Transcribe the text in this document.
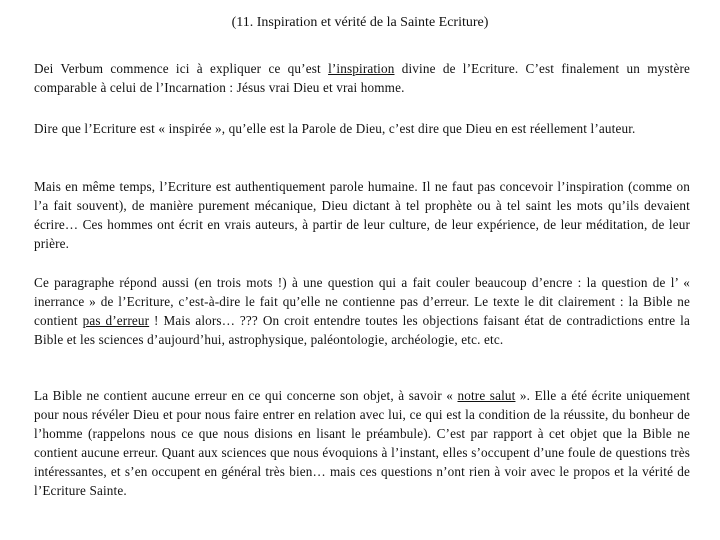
(11. Inspiration et vérité de la Sainte Ecriture)

Dei Verbum commence ici à expliquer ce qu’est l’inspiration divine de l’Ecriture. C’est finalement un mystère comparable à celui de l’Incarnation : Jésus vrai Dieu et vrai homme.

Dire que l’Ecriture est « inspirée », qu’elle est la Parole de Dieu, c’est dire que Dieu en est réellement l’auteur.

Mais en même temps, l’Ecriture est authentiquement parole humaine. Il ne faut pas concevoir l’inspiration (comme on l’a fait souvent), de manière purement mécanique, Dieu dictant à tel prophète ou à tel saint les mots qu’ils devaient écrire… Ces hommes ont écrit en vrais auteurs, à partir de leur culture, de leur expérience, de leur méditation, de leur prière.

Ce paragraphe répond aussi (en trois mots !) à une question qui a fait couler beaucoup d’encre : la question de l’ « inerrance » de l’Ecriture, c’est-à-dire le fait qu’elle ne contienne pas d’erreur. Le texte le dit clairement : la Bible ne contient pas d’erreur ! Mais alors… ??? On croit entendre toutes les objections faisant état de contradictions entre la Bible et les sciences d’aujourd’hui, astrophysique, paléontologie, archéologie, etc. etc.

La Bible ne contient aucune erreur en ce qui concerne son objet, à savoir « notre salut ». Elle a été écrite uniquement pour nous révéler Dieu et pour nous faire entrer en relation avec lui, ce qui est la condition de la réussite, du bonheur de l’homme (rappelons nous ce que nous disions en lisant le préambule). C’est par rapport à cet objet que la Bible ne contient aucune erreur. Quant aux sciences que nous évoquions à l’instant, elles s’occupent d’une foule de questions très intéressantes, et s’en occupent en général très bien… mais ces questions n’ont rien à voir avec le propos et la vérité de l’Ecriture Sainte.
